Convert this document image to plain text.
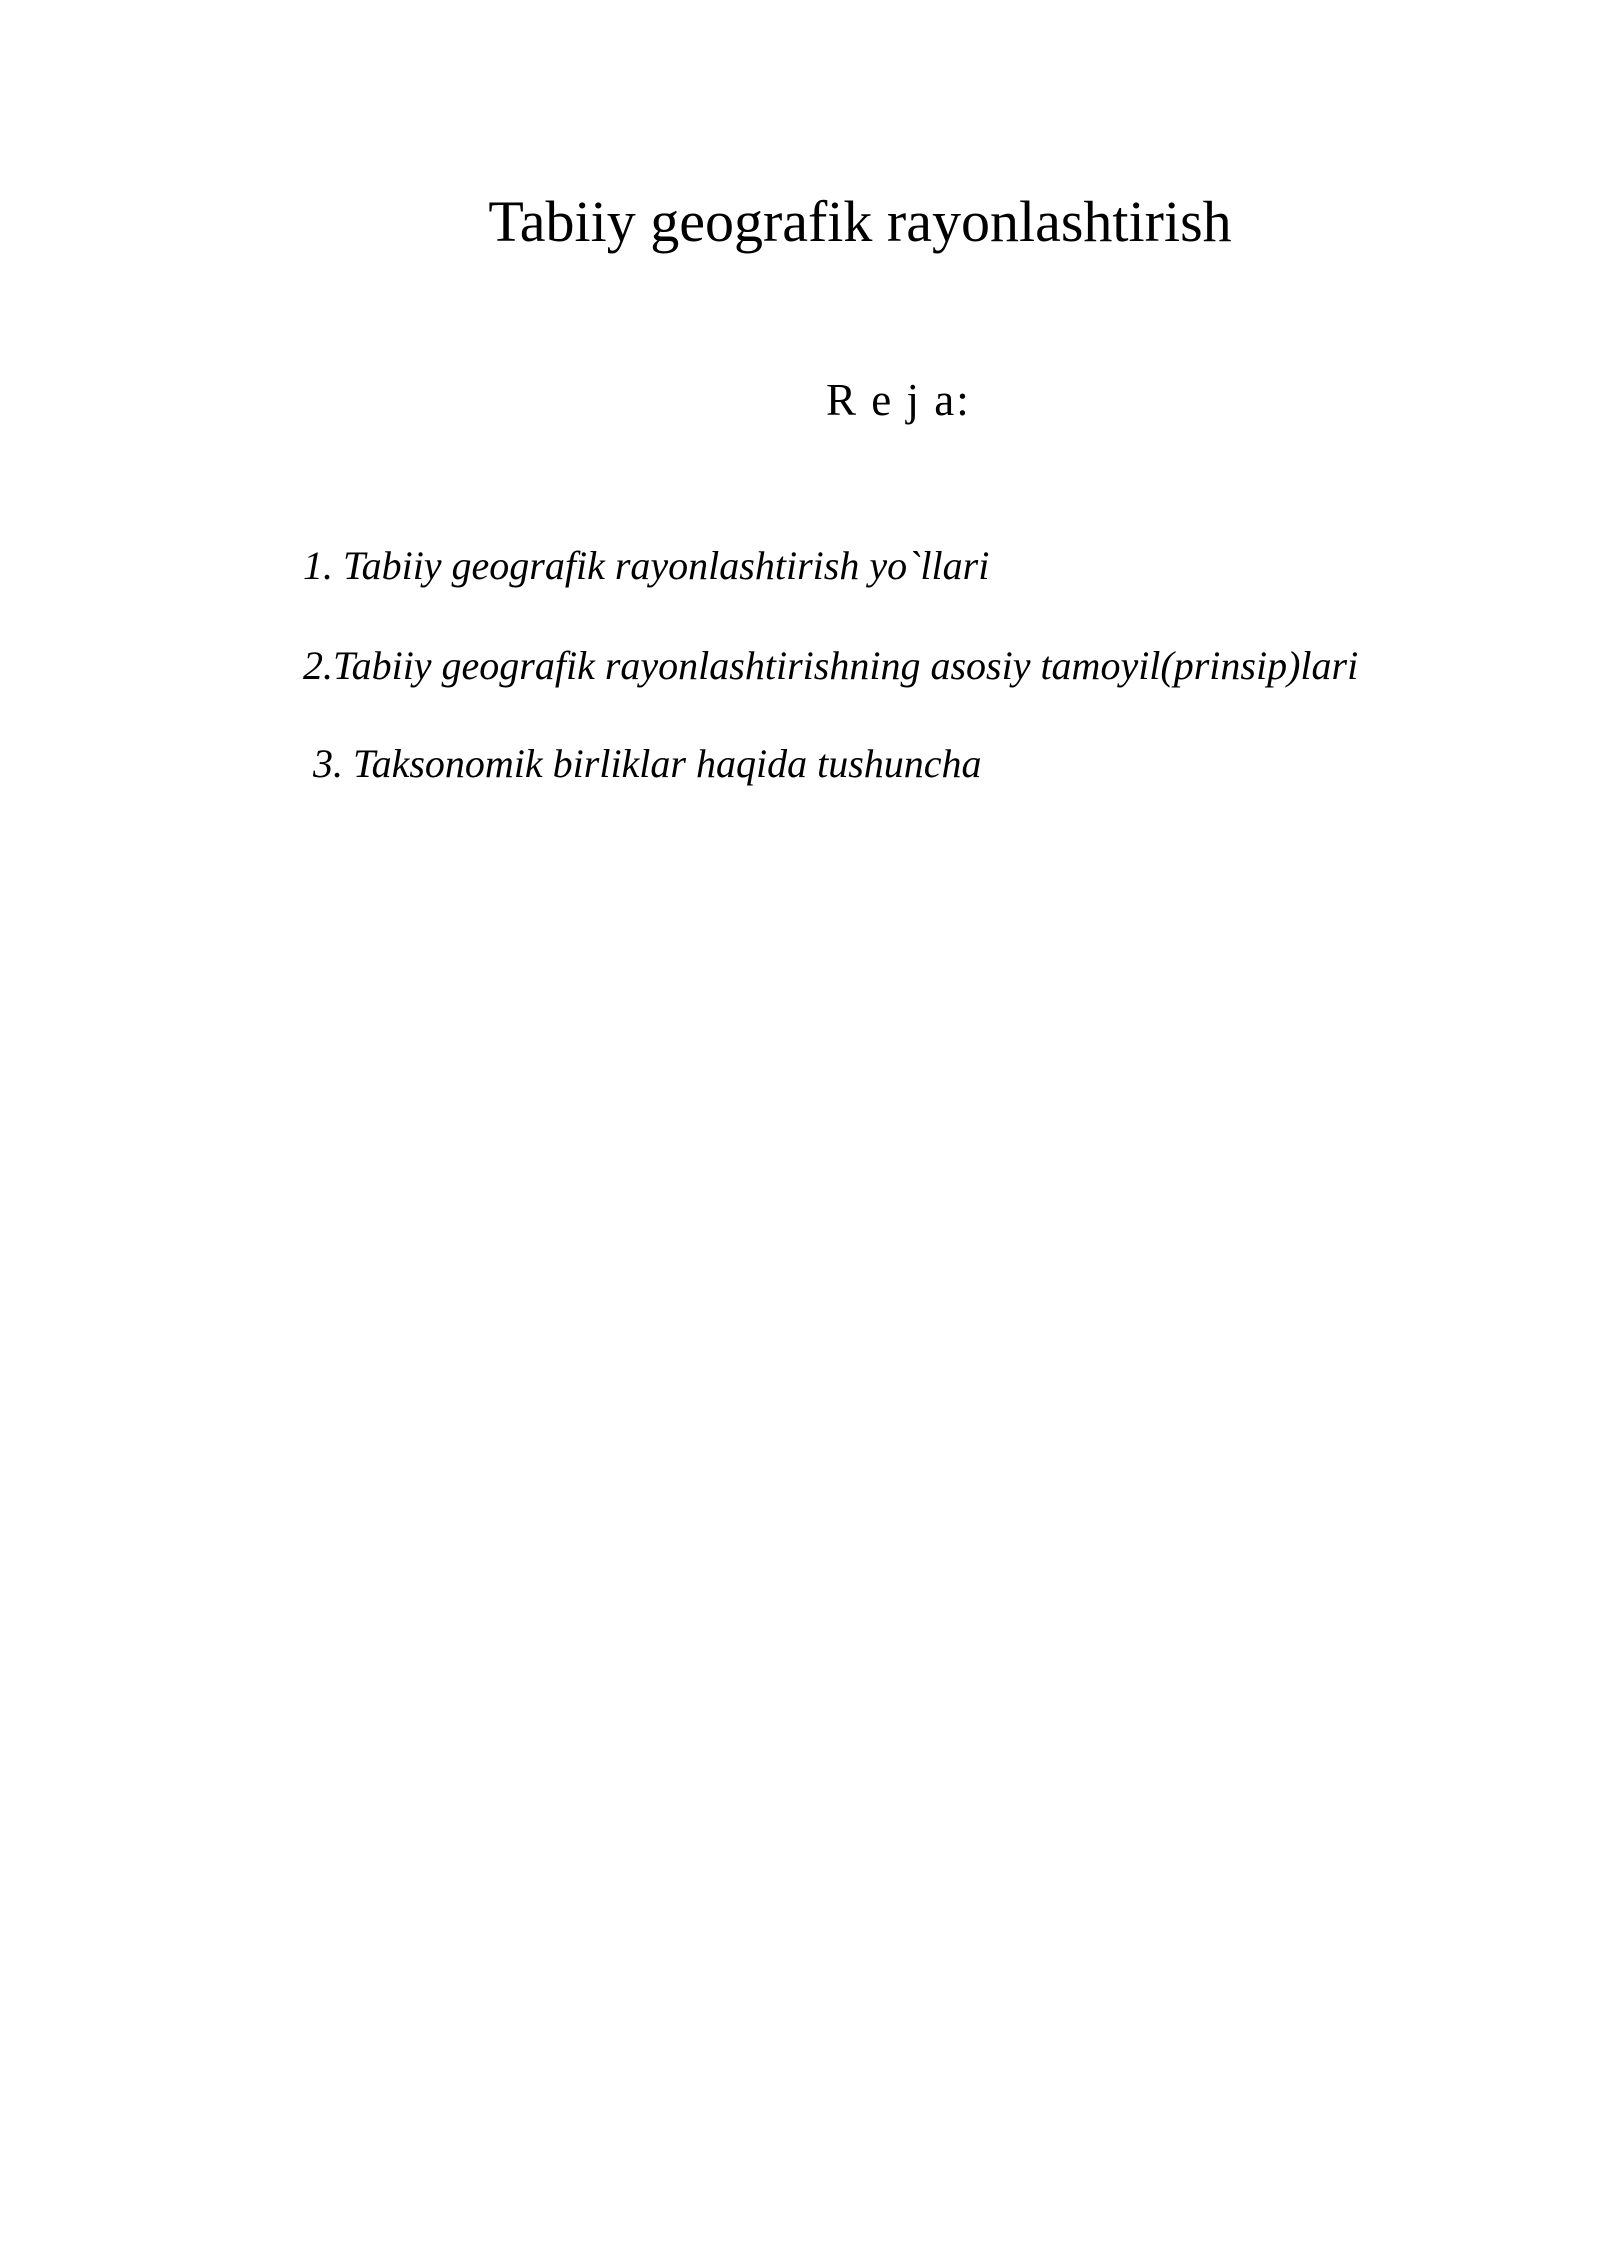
Tabiiy geografik rayonlashtirish
R e j a:
1. Tabiiy geografik rayonlashtirish yo`llari
2.Tabiiy geografik rayonlashtirishning asosiy tamoyil(prinsip)lari
3. Taksonomik birliklar haqida tushuncha
